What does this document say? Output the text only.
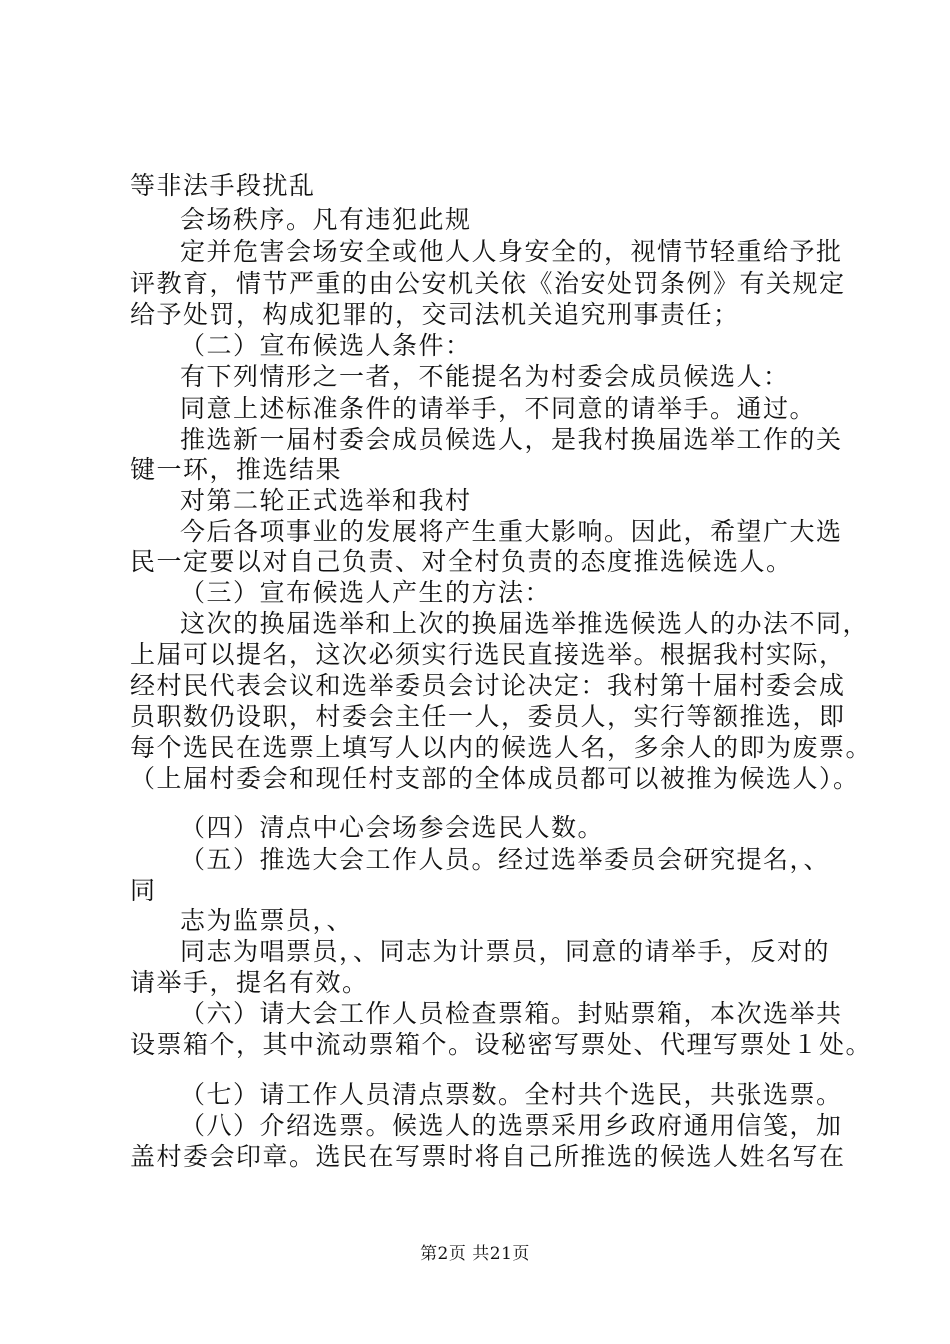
等非法手段扰乱
会场秩序。凡有违犯此规
定并危害会场安全或他人人身安全的，视情节轻重给予批
评教育，情节严重的由公安机关依《治安处罚条例》有关规定
给予处罚，构成犯罪的，交司法机关追究刑事责任；
（二）宣布候选人条件：
有下列情形之一者，不能提名为村委会成员候选人：
同意上述标准条件的请举手，不同意的请举手。通过。
推选新一届村委会成员候选人，是我村换届选举工作的关
键一环，推选结果
对第二轮正式选举和我村
今后各项事业的发展将产生重大影响。因此，希望广大选
民一定要以对自己负责、对全村负责的态度推选候选人。
（三）宣布候选人产生的方法：
这次的换届选举和上次的换届选举推选候选人的办法不同，
上届可以提名，这次必须实行选民直接选举。根据我村实际，
经村民代表会议和选举委员会讨论决定：我村第十届村委会成
员职数仍设职，村委会主任一人，委员人，实行等额推选，即
每个选民在选票上填写人以内的候选人名，多余人的即为废票。
（上届村委会和现任村支部的全体成员都可以被推为候选人）。
（四）清点中心会场参会选民人数。
（五）推选大会工作人员。经过选举委员会研究提名，、
同
志为监票员，、
同志为唱票员，、同志为计票员，同意的请举手，反对的
请举手，提名有效。
（六）请大会工作人员检查票箱。封贴票箱，本次选举共
设票箱个，其中流动票箱个。设秘密写票处、代理写票处１处。
（七）请工作人员清点票数。全村共个选民，共张选票。
（八）介绍选票。候选人的选票采用乡政府通用信笺，加
盖村委会印章。选民在写票时将自己所推选的候选人姓名写在
第2页 共21页
